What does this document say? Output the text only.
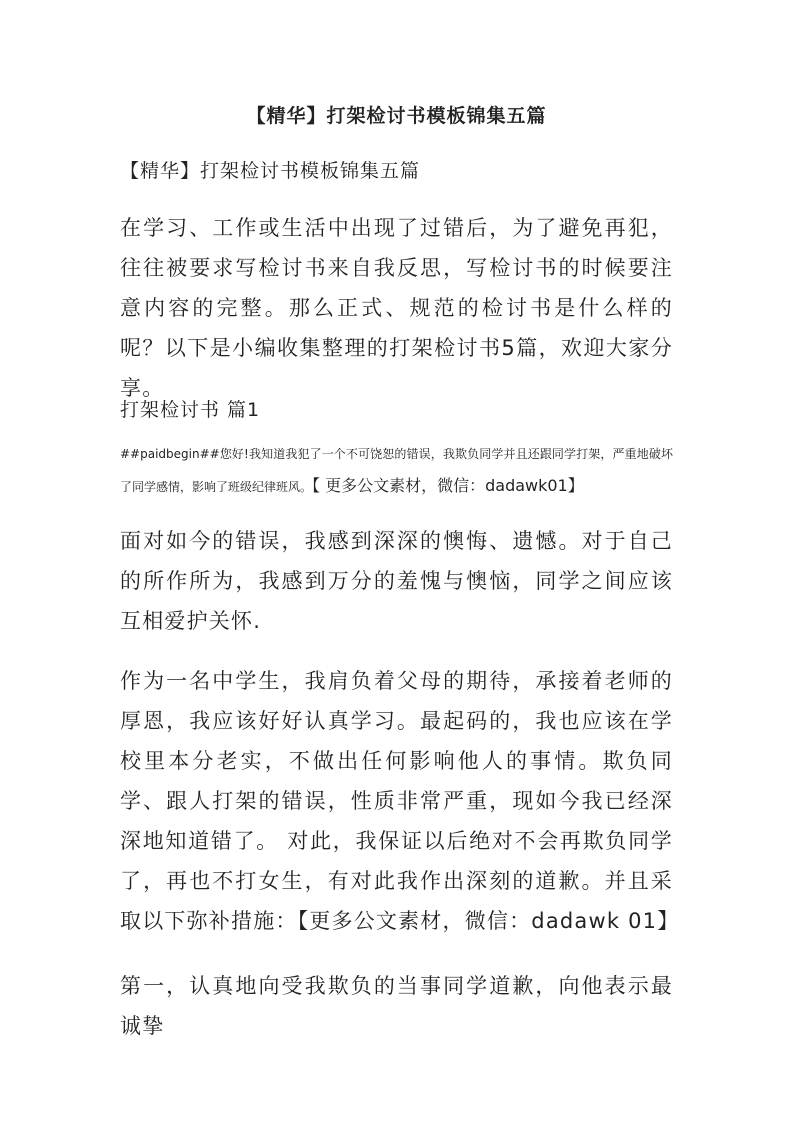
【精华】打架检讨书模板锦集五篇

【精华】打架检讨书模板锦集五篇

在学习、工作或生活中出现了过错后，为了避免再犯，往往被要求写检讨书来自我反思，写检讨书的时候要注意内容的完整。那么正式、规范的检讨书是什么样的呢？以下是小编收集整理的打架检讨书5篇，欢迎大家分享。

打架检讨书 篇1

##paidbegin##您好!我知道我犯了一个不可饶恕的错误，我欺负同学并且还跟同学打架，严重地破坏了同学感情，影响了班级纪律班风。【 更多公文素材，微信：dadawk01】

面对如今的错误，我感到深深的懊悔、遗憾。对于自己的所作所为，我感到万分的羞愧与懊恼，同学之间应该互相爱护关怀.

作为一名中学生，我肩负着父母的期待，承接着老师的厚恩，我应该好好认真学习。最起码的，我也应该在学校里本分老实，不做出任何影响他人的事情。欺负同学、跟人打架的错误，性质非常严重，现如今我已经深深地知道错了。 对此，我保证以后绝对不会再欺负同学了，再也不打女生，有对此我作出深刻的道歉。并且采取以下弥补措施：【更多公文素材，微信：dadawk 01】

第一，认真地向受我欺负的当事同学道歉，向他表示最诚挚
